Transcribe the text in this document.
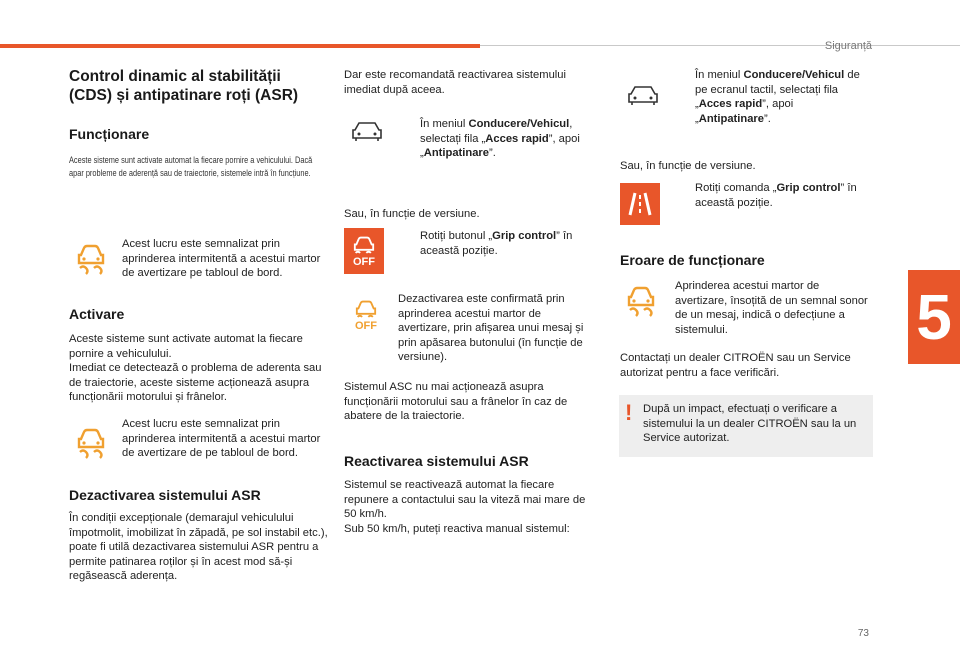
Siguranță
5
73
Control dinamic al stabilității
(CDS) și antipatinare roți (ASR)
Funcționare
Aceste sisteme sunt activate automat la fiecare pornire a vehiculului. Dacă apar probleme de aderență sau de traiectorie, sistemele intră în funcțiune.

Acest lucru este semnalizat prin aprinderea intermitentă a acestui martor de avertizare pe tabloul de bord.

Activare

Aceste sisteme sunt activate automat la fiecare pornire a vehiculului.

Imediat ce detectează o problema de aderenta sau de traiectorie, aceste sisteme acționează asupra funcționării motorului și frânelor.

Acest lucru este semnalizat prin aprinderea intermitentă a acestui martor de avertizare de pe tabloul de bord.

Dezactivarea sistemului ASR

În condiții excepționale (demarajul vehiculului împotmolit, imobilizat în zăpadă, pe sol instabil etc.), poate fi utilă dezactivarea sistemului ASR pentru a permite patinarea roților și în acest mod să-și regăsească aderența.

Dar este recomandată reactivarea sistemului imediat după aceea.

În meniul Conducere/Vehicul, selectați fila „Acces rapid”, apoi „Antipatinare”.

Sau, în funcție de versiune.

OFF

Rotiți butonul „Grip control” în această poziție.

OFF

Dezactivarea este confirmată prin aprinderea acestui martor de avertizare, prin afișarea unui mesaj și prin apăsarea butonului (în funcție de versiune).

Sistemul ASC nu mai acționează asupra funcționării motorului sau a frânelor în caz de abatere de la traiectorie.

Reactivarea sistemului ASR

Sistemul se reactivează automat la fiecare repunere a contactului sau la viteză mai mare de 50 km/h.

Sub 50 km/h, puteți reactiva manual sistemul:

În meniul Conducere/Vehicul de pe ecranul tactil, selectați fila „Acces rapid”, apoi „Antipatinare”.

Sau, în funcție de versiune.

Rotiți comanda „Grip control” în această poziție.

Eroare de funcționare

Aprinderea acestui martor de avertizare, însoțită de un semnal sonor de un mesaj, indică o defecțiune a sistemului.

Contactați un dealer CITROËN sau un Service autorizat pentru a face verificări.

! După un impact, efectuați o verificare a sistemului la un dealer CITROËN sau la un Service autorizat.
